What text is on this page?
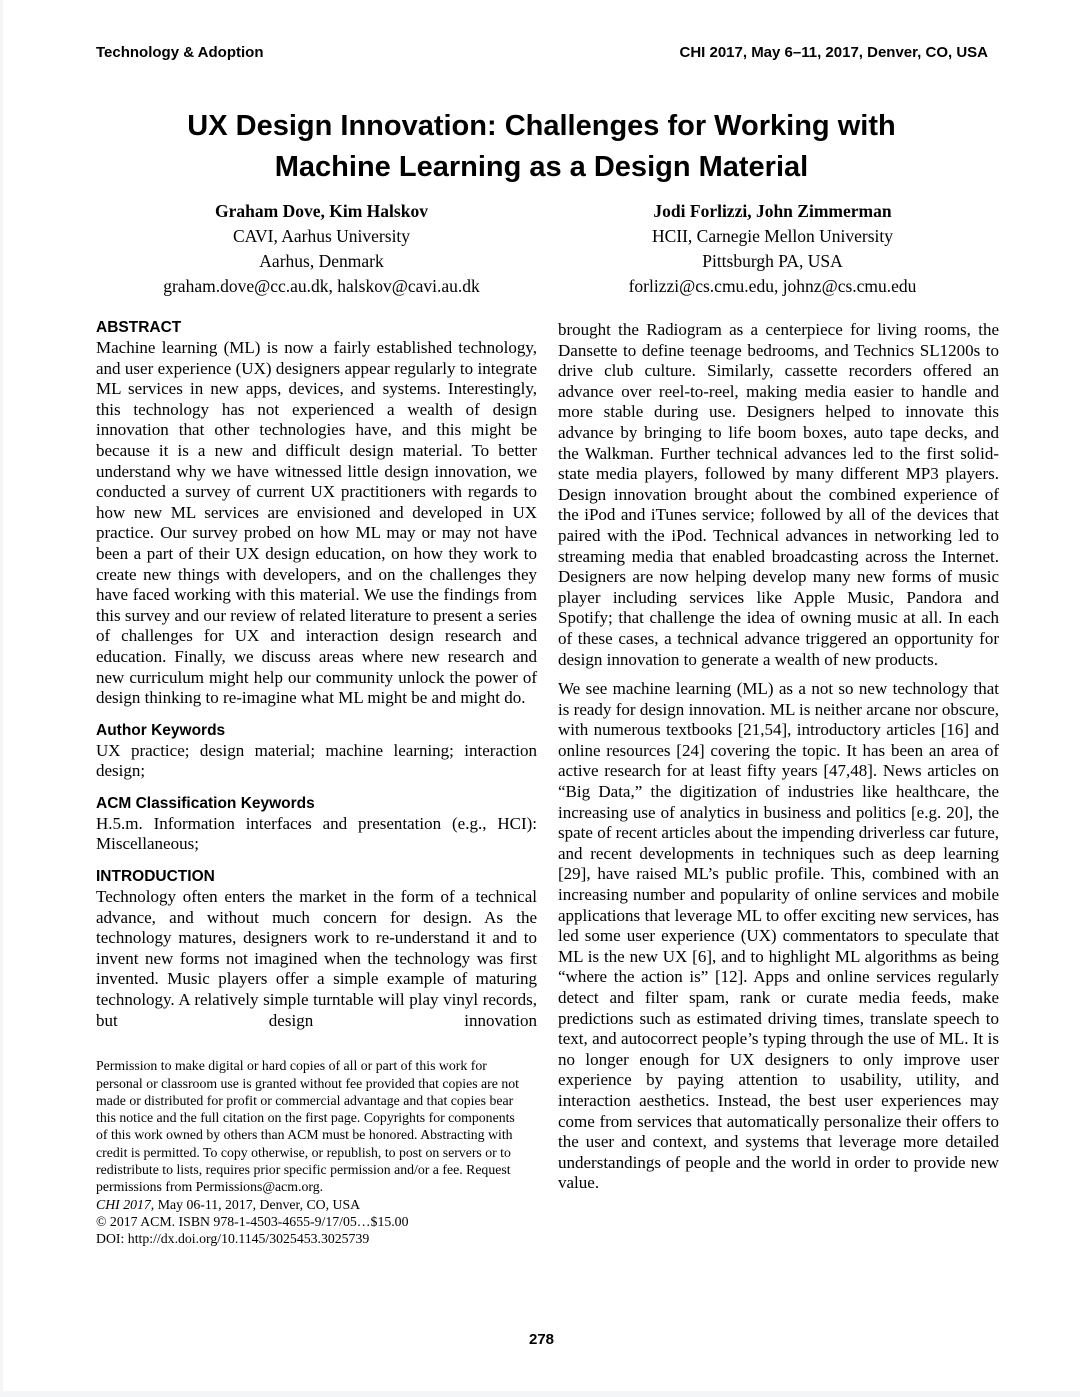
Technology & Adoption	CHI 2017, May 6–11, 2017, Denver, CO, USA
UX Design Innovation: Challenges for Working with Machine Learning as a Design Material
Graham Dove, Kim Halskov
CAVI, Aarhus University
Aarhus, Denmark
graham.dove@cc.au.dk, halskov@cavi.au.dk
Jodi Forlizzi, John Zimmerman
HCII, Carnegie Mellon University
Pittsburgh PA, USA
forlizzi@cs.cmu.edu, johnz@cs.cmu.edu
ABSTRACT
Machine learning (ML) is now a fairly established technology, and user experience (UX) designers appear regularly to integrate ML services in new apps, devices, and systems. Interestingly, this technology has not experienced a wealth of design innovation that other technologies have, and this might be because it is a new and difficult design material. To better understand why we have witnessed little design innovation, we conducted a survey of current UX practitioners with regards to how new ML services are envisioned and developed in UX practice. Our survey probed on how ML may or may not have been a part of their UX design education, on how they work to create new things with developers, and on the challenges they have faced working with this material. We use the findings from this survey and our review of related literature to present a series of challenges for UX and interaction design research and education. Finally, we discuss areas where new research and new curriculum might help our community unlock the power of design thinking to re-imagine what ML might be and might do.
Author Keywords
UX practice; design material; machine learning; interaction design;
ACM Classification Keywords
H.5.m. Information interfaces and presentation (e.g., HCI): Miscellaneous;
INTRODUCTION
Technology often enters the market in the form of a technical advance, and without much concern for design. As the technology matures, designers work to re-understand it and to invent new forms not imagined when the technology was first invented. Music players offer a simple example of maturing technology. A relatively simple turntable will play vinyl records, but design innovation
Permission to make digital or hard copies of all or part of this work for personal or classroom use is granted without fee provided that copies are not made or distributed for profit or commercial advantage and that copies bear this notice and the full citation on the first page. Copyrights for components of this work owned by others than ACM must be honored. Abstracting with credit is permitted. To copy otherwise, or republish, to post on servers or to redistribute to lists, requires prior specific permission and/or a fee. Request permissions from Permissions@acm.org.
CHI 2017, May 06-11, 2017, Denver, CO, USA
© 2017 ACM. ISBN 978-1-4503-4655-9/17/05…$15.00
DOI: http://dx.doi.org/10.1145/3025453.3025739
brought the Radiogram as a centerpiece for living rooms, the Dansette to define teenage bedrooms, and Technics SL1200s to drive club culture. Similarly, cassette recorders offered an advance over reel-to-reel, making media easier to handle and more stable during use. Designers helped to innovate this advance by bringing to life boom boxes, auto tape decks, and the Walkman. Further technical advances led to the first solid-state media players, followed by many different MP3 players. Design innovation brought about the combined experience of the iPod and iTunes service; followed by all of the devices that paired with the iPod. Technical advances in networking led to streaming media that enabled broadcasting across the Internet. Designers are now helping develop many new forms of music player including services like Apple Music, Pandora and Spotify; that challenge the idea of owning music at all. In each of these cases, a technical advance triggered an opportunity for design innovation to generate a wealth of new products.
We see machine learning (ML) as a not so new technology that is ready for design innovation. ML is neither arcane nor obscure, with numerous textbooks [21,54], introductory articles [16] and online resources [24] covering the topic. It has been an area of active research for at least fifty years [47,48]. News articles on “Big Data,” the digitization of industries like healthcare, the increasing use of analytics in business and politics [e.g. 20], the spate of recent articles about the impending driverless car future, and recent developments in techniques such as deep learning [29], have raised ML’s public profile. This, combined with an increasing number and popularity of online services and mobile applications that leverage ML to offer exciting new services, has led some user experience (UX) commentators to speculate that ML is the new UX [6], and to highlight ML algorithms as being “where the action is” [12]. Apps and online services regularly detect and filter spam, rank or curate media feeds, make predictions such as estimated driving times, translate speech to text, and autocorrect people’s typing through the use of ML. It is no longer enough for UX designers to only improve user experience by paying attention to usability, utility, and interaction aesthetics. Instead, the best user experiences may come from services that automatically personalize their offers to the user and context, and systems that leverage more detailed understandings of people and the world in order to provide new value.
278
